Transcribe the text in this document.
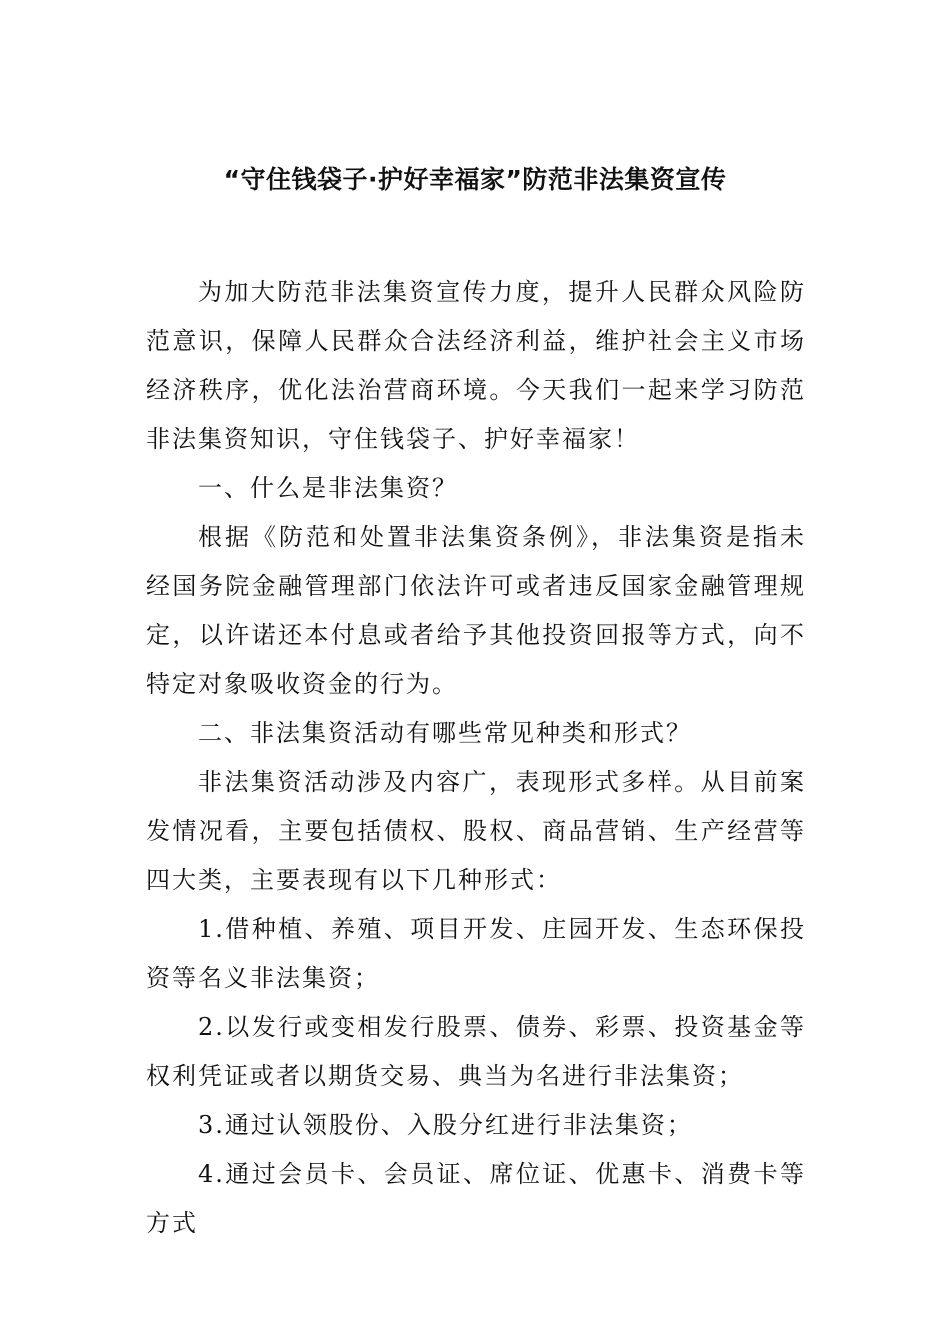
“守住钱袋子·护好幸福家”防范非法集资宣传

为加大防范非法集资宣传力度，提升人民群众风险防范意识，保障人民群众合法经济利益，维护社会主义市场经济秩序，优化法治营商环境。今天我们一起来学习防范非法集资知识，守住钱袋子、护好幸福家！

一、什么是非法集资？

根据《防范和处置非法集资条例》，非法集资是指未经国务院金融管理部门依法许可或者违反国家金融管理规定，以许诺还本付息或者给予其他投资回报等方式，向不特定对象吸收资金的行为。

二、非法集资活动有哪些常见种类和形式？

非法集资活动涉及内容广，表现形式多样。从目前案发情况看，主要包括债权、股权、商品营销、生产经营等四大类，主要表现有以下几种形式：

1.借种植、养殖、项目开发、庄园开发、生态环保投资等名义非法集资；

2.以发行或变相发行股票、债券、彩票、投资基金等权利凭证或者以期货交易、典当为名进行非法集资；

3.通过认领股份、入股分红进行非法集资；

4.通过会员卡、会员证、席位证、优惠卡、消费卡等方式
